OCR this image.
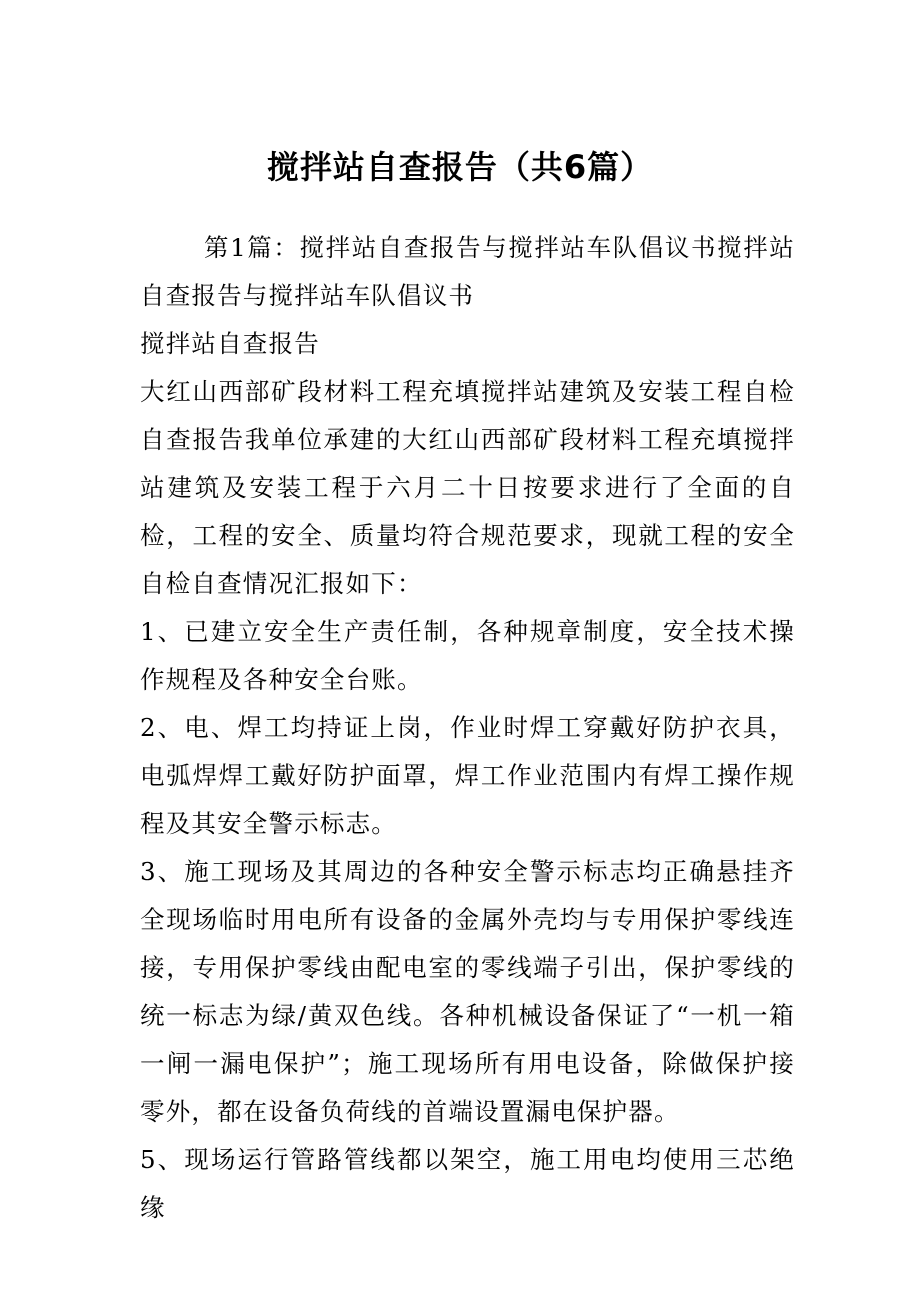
搅拌站自查报告（共6篇）

第1篇：搅拌站自查报告与搅拌站车队倡议书搅拌站自查报告与搅拌站车队倡议书

搅拌站自查报告

大红山西部矿段材料工程充填搅拌站建筑及安装工程自检自查报告我单位承建的大红山西部矿段材料工程充填搅拌站建筑及安装工程于六月二十日按要求进行了全面的自检，工程的安全、质量均符合规范要求，现就工程的安全自检自查情况汇报如下：

1、已建立安全生产责任制，各种规章制度，安全技术操作规程及各种安全台账。

2、电、焊工均持证上岗，作业时焊工穿戴好防护衣具，电弧焊焊工戴好防护面罩，焊工作业范围内有焊工操作规程及其安全警示标志。

3、施工现场及其周边的各种安全警示标志均正确悬挂齐全现场临时用电所有设备的金属外壳均与专用保护零线连接，专用保护零线由配电室的零线端子引出，保护零线的统一标志为绿/黄双色线。各种机械设备保证了“一机一箱一闸一漏电保护”；施工现场所有用电设备，除做保护接零外，都在设备负荷线的首端设置漏电保护器。

5、现场运行管路管线都以架空，施工用电均使用三芯绝缘
